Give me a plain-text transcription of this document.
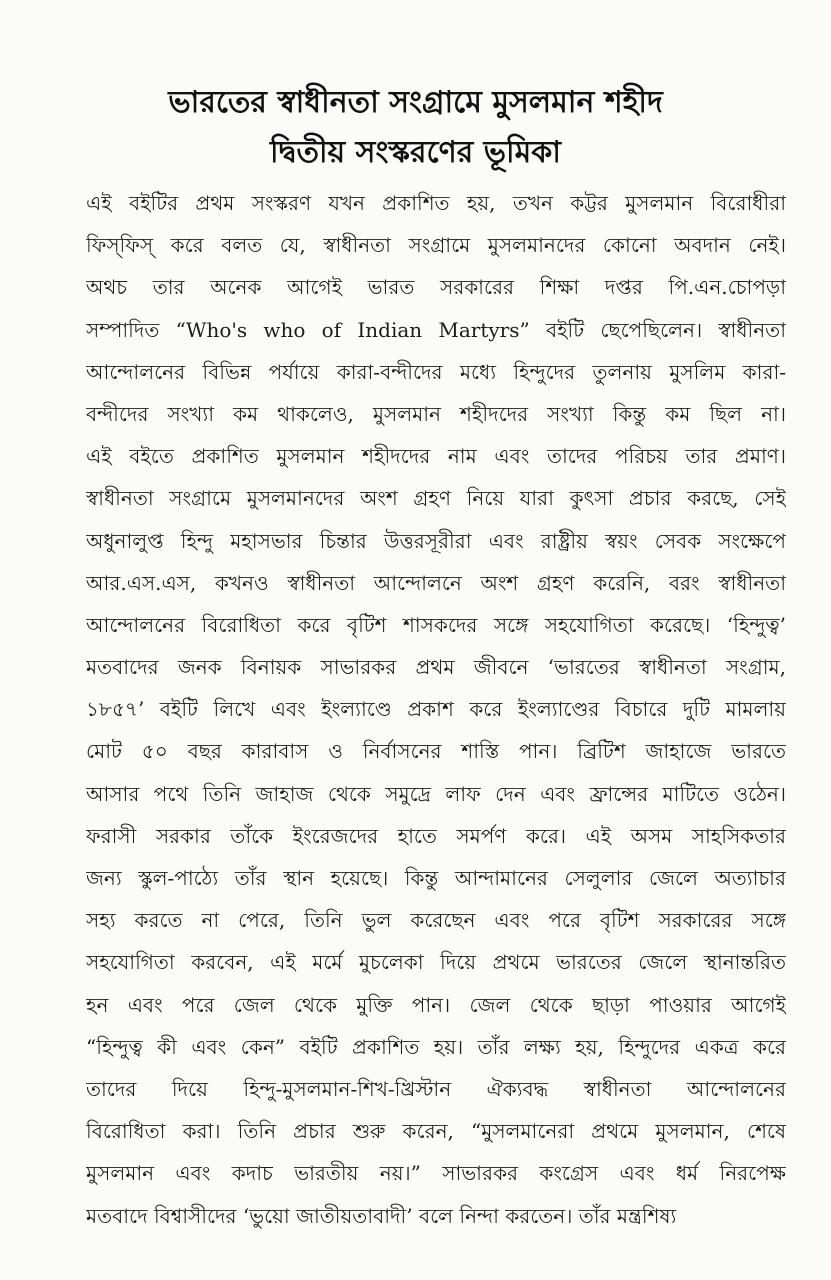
ভারতের স্বাধীনতা সংগ্রামে মুসলমান শহীদ
দ্বিতীয় সংস্করণের ভূমিকা
এই বইটির প্রথম সংস্করণ যখন প্রকাশিত হয়, তখন কট্টর মুসলমান বিরোধীরা
ফিস্‌ফিস্ করে বলত যে, স্বাধীনতা সংগ্রামে মুসলমানদের কোনো অবদান নেই।
অথচ তার অনেক আগেই ভারত সরকারের শিক্ষা দপ্তর পি.এন.চোপড়া
সম্পাদিত “Who's who of Indian Martyrs” বইটি ছেপেছিলেন। স্বাধীনতা
আন্দোলনের বিভিন্ন পর্যায়ে কারা-বন্দীদের মধ্যে হিন্দুদের তুলনায় মুসলিম কারা-
বন্দীদের সংখ্যা কম থাকলেও, মুসলমান শহীদদের সংখ্যা কিন্তু কম ছিল না।
এই বইতে প্রকাশিত মুসলমান শহীদদের নাম এবং তাদের পরিচয় তার প্রমাণ।
স্বাধীনতা সংগ্রামে মুসলমানদের অংশ গ্রহণ নিয়ে যারা কুৎসা প্রচার করছে, সেই
অধুনালুপ্ত হিন্দু মহাসভার চিন্তার উত্তরসূরীরা এবং রাষ্ট্রীয় স্বয়ং সেবক সংক্ষেপে
আর.এস.এস, কখনও স্বাধীনতা আন্দোলনে অংশ গ্রহণ করেনি, বরং স্বাধীনতা
আন্দোলনের বিরোধিতা করে বৃটিশ শাসকদের সঙ্গে সহযোগিতা করেছে। ‘হিন্দুত্ব’
মতবাদের জনক বিনায়ক সাভারকর প্রথম জীবনে ‘ভারতের স্বাধীনতা সংগ্রাম,
১৮৫৭’ বইটি লিখে এবং ইংল্যাণ্ডে প্রকাশ করে ইংল্যাণ্ডের বিচারে দুটি মামলায়
মোট ৫০ বছর কারাবাস ও নির্বাসনের শাস্তি পান। ব্রিটিশ জাহাজে ভারতে
আসার পথে তিনি জাহাজ থেকে সমুদ্রে লাফ দেন এবং ফ্রান্সের মাটিতে ওঠেন।
ফরাসী সরকার তাঁকে ইংরেজদের হাতে সমর্পণ করে। এই অসম সাহসিকতার
জন্য স্কুল-পাঠ্যে তাঁর স্থান হয়েছে। কিন্তু আন্দামানের সেলুলার জেলে অত্যাচার
সহ্য করতে না পেরে, তিনি ভুল করেছেন এবং পরে বৃটিশ সরকারের সঙ্গে
সহযোগিতা করবেন, এই মর্মে মুচলেকা দিয়ে প্রথমে ভারতের জেলে স্থানান্তরিত
হন এবং পরে জেল থেকে মুক্তি পান। জেল থেকে ছাড়া পাওয়ার আগেই
“হিন্দুত্ব কী এবং কেন” বইটি প্রকাশিত হয়। তাঁর লক্ষ্য হয়, হিন্দুদের একত্র করে
তাদের দিয়ে হিন্দু-মুসলমান-শিখ-খ্রিস্টান ঐক্যবদ্ধ স্বাধীনতা আন্দোলনের
বিরোধিতা করা। তিনি প্রচার শুরু করেন, “মুসলমানেরা প্রথমে মুসলমান, শেষে
মুসলমান এবং কদাচ ভারতীয় নয়।” সাভারকর কংগ্রেস এবং ধর্ম নিরপেক্ষ
মতবাদে বিশ্বাসীদের ‘ভুয়ো জাতীয়তাবাদী’ বলে নিন্দা করতেন। তাঁর মন্ত্রশিষ্য
